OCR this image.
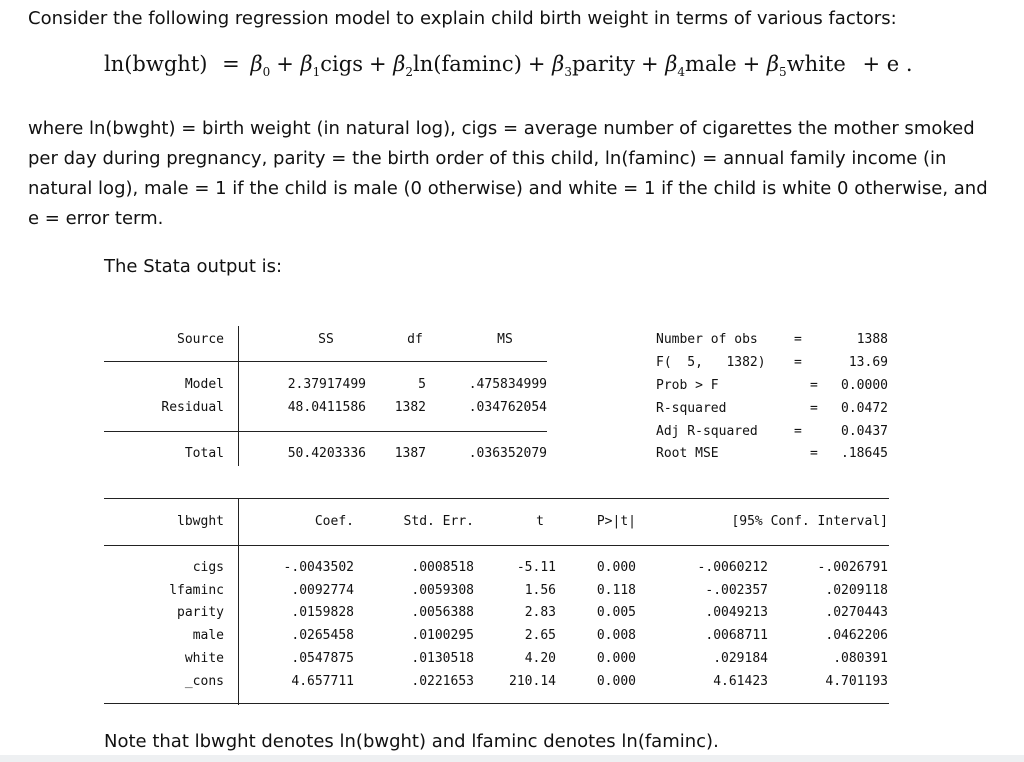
Consider the following regression model to explain child birth weight in terms of various factors:
ln(bwght) = $\beta_0$ + $\beta_1cigs + \beta_2\ln(faminc)$ + $\beta_3parity$ + $\beta_4male$ + $\beta_5white + e$ .
where ln(bwght) = birth weight (in natural log), cigs = average number of cigarettes the mother smoked
per day during pregnancy, parity = the birth order of this child, ln(faminc) = annual family income (in
natural log), male = 1 if the child is male (0 otherwise) and white = 1 if the child is white 0 otherwise, and
e = error term.
The Stata output is:
Source	SS	df	MS
Model	2.37917499	5	.475834999
Residual	48.0411586	1382	.034762054
Total	50.4203336	1387	.036352079
Number of obs	=	1388
F(  5,   1382) =	13.69
Prob > F	=	0.0000
R-squared	=	0.0472
Adj R-squared	=	0.0437
Root MSE	=	.18645
lbwght	Coef.	Std. Err.	t	P>|t|	[95% Conf. Interval]
cigs	-.0043502	.0008518	-5.11	0.000	-.0060212	-.0026791
lfaminc	.0092774	.0059308	1.56	0.118	-.002357	.0209118
parity	.0159828	.0056388	2.83	0.005	.0049213	.0270443
male	.0265458	.0100295	2.65	0.008	.0068711	.0462206
white	.0547875	.0130518	4.20	0.000	.029184	.080391
_cons	4.657711	.0221653	210.14	0.000	4.61423	4.701193
Note that lbwght denotes ln(bwght) and lfaminc denotes ln(faminc).
